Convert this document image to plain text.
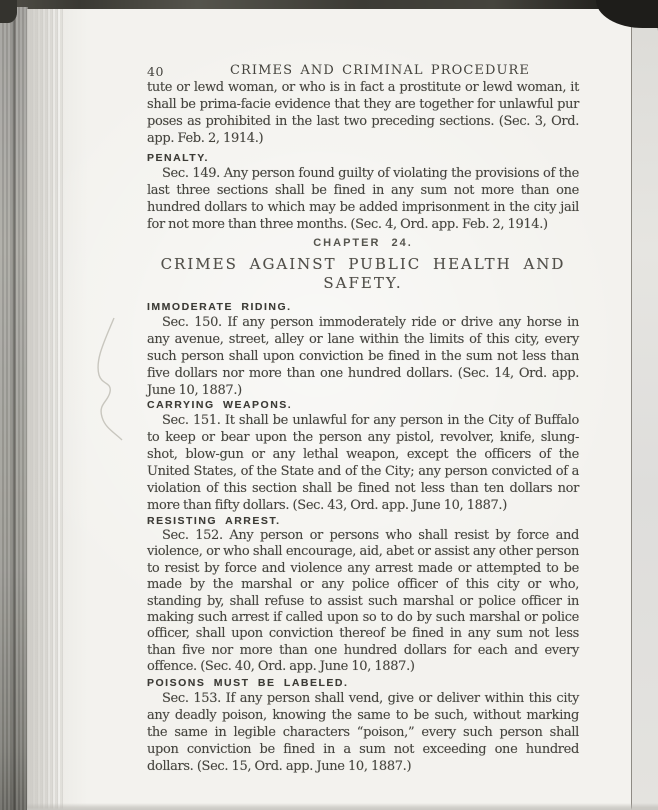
40	CRIMES AND CRIMINAL PROCEDURE

tute or lewd woman, or who is in fact a prostitute or lewd woman, it shall be prima-facie evidence that they are together for unlawful pur poses as prohibited in the last two preceding sections. (Sec. 3, Ord. app. Feb. 2, 1914.)

PENALTY.

Sec. 149. Any person found guilty of violating the provisions of the last three sections shall be fined in any sum not more than one hundred dollars to which may be added imprisonment in the city jail for not more than three months. (Sec. 4, Ord. app. Feb. 2, 1914.)

CHAPTER 24.
CRIMES AGAINST PUBLIC HEALTH AND SAFETY.
IMMODERATE RIDING.

Sec. 150. If any person immoderately ride or drive any horse in any avenue, street, alley or lane within the limits of this city, every such person shall upon conviction be fined in the sum not less than five dollars nor more than one hundred dollars. (Sec. 14, Ord. app. June 10, 1887.)

CARRYING WEAPONS.

Sec. 151. It shall be unlawful for any person in the City of Buffalo to keep or bear upon the person any pistol, revolver, knife, slung-shot, blow-gun or any lethal weapon, except the officers of the United States, of the State and of the City; any person convicted of a violation of this section shall be fined not less than ten dollars nor more than fifty dollars. (Sec. 43, Ord. app. June 10, 1887.)

RESISTING ARREST.

Sec. 152. Any person or persons who shall resist by force and violence, or who shall encourage, aid, abet or assist any other person to resist by force and violence any arrest made or attempted to be made by the marshal or any police officer of this city or who, standing by, shall refuse to assist such marshal or police officer in making such arrest if called upon so to do by such marshal or police officer, shall upon conviction thereof be fined in any sum not less than five nor more than one hundred dollars for each and every offence. (Sec. 40, Ord. app. June 10, 1887.)

POISONS MUST BE LABELED.

Sec. 153. If any person shall vend, give or deliver within this city any deadly poison, knowing the same to be such, without marking the same in legible characters “poison,” every such person shall upon conviction be fined in a sum not exceeding one hundred dollars. (Sec. 15, Ord. app. June 10, 1887.)
